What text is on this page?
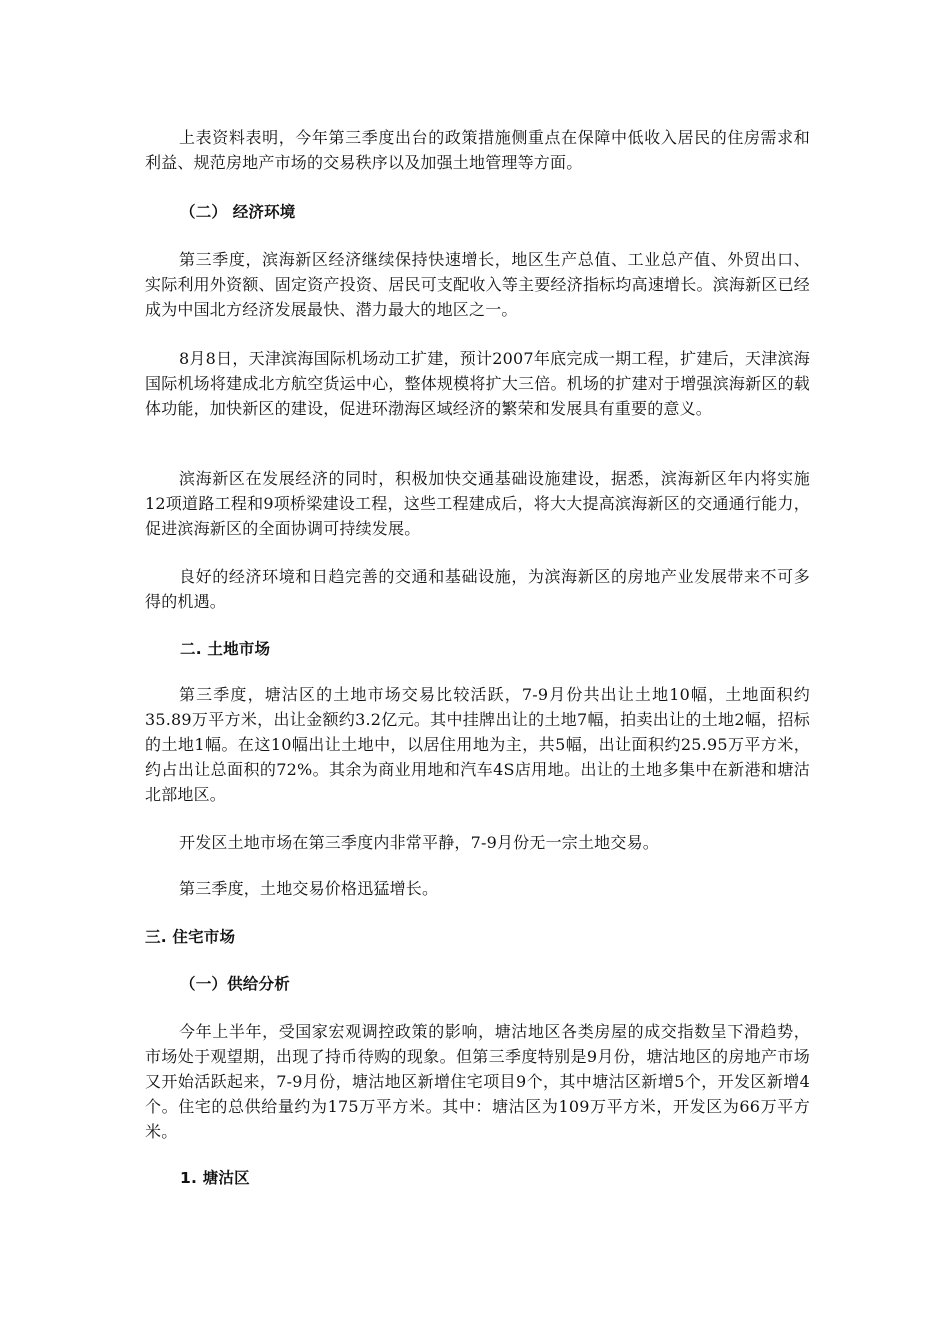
上表资料表明，今年第三季度出台的政策措施侧重点在保障中低收入居民的住房需求和利益、规范房地产市场的交易秩序以及加强土地管理等方面。

（二） 经济环境

第三季度，滨海新区经济继续保持快速增长，地区生产总值、工业总产值、外贸出口、实际利用外资额、固定资产投资、居民可支配收入等主要经济指标均高速增长。滨海新区已经成为中国北方经济发展最快、潜力最大的地区之一。

8月8日，天津滨海国际机场动工扩建，预计2007年底完成一期工程，扩建后，天津滨海国际机场将建成北方航空货运中心，整体规模将扩大三倍。机场的扩建对于增强滨海新区的载体功能，加快新区的建设，促进环渤海区域经济的繁荣和发展具有重要的意义。

滨海新区在发展经济的同时，积极加快交通基础设施建设，据悉，滨海新区年内将实施12项道路工程和9项桥梁建设工程，这些工程建成后，将大大提高滨海新区的交通通行能力，促进滨海新区的全面协调可持续发展。

良好的经济环境和日趋完善的交通和基础设施，为滨海新区的房地产业发展带来不可多得的机遇。

二. 土地市场

第三季度，塘沽区的土地市场交易比较活跃，7-9月份共出让土地10幅，土地面积约35.89万平方米，出让金额约3.2亿元。其中挂牌出让的土地7幅，拍卖出让的土地2幅，招标的土地1幅。在这10幅出让土地中，以居住用地为主，共5幅，出让面积约25.95万平方米，约占出让总面积的72%。其余为商业用地和汽车4S店用地。出让的土地多集中在新港和塘沽北部地区。

开发区土地市场在第三季度内非常平静，7-9月份无一宗土地交易。

第三季度，土地交易价格迅猛增长。

三. 住宅市场

（一）供给分析

今年上半年，受国家宏观调控政策的影响，塘沽地区各类房屋的成交指数呈下滑趋势，市场处于观望期，出现了持币待购的现象。但第三季度特别是9月份，塘沽地区的房地产市场又开始活跃起来，7-9月份，塘沽地区新增住宅项目9个，其中塘沽区新增5个，开发区新增4个。住宅的总供给量约为175万平方米。其中：塘沽区为109万平方米，开发区为66万平方米。

1. 塘沽区
